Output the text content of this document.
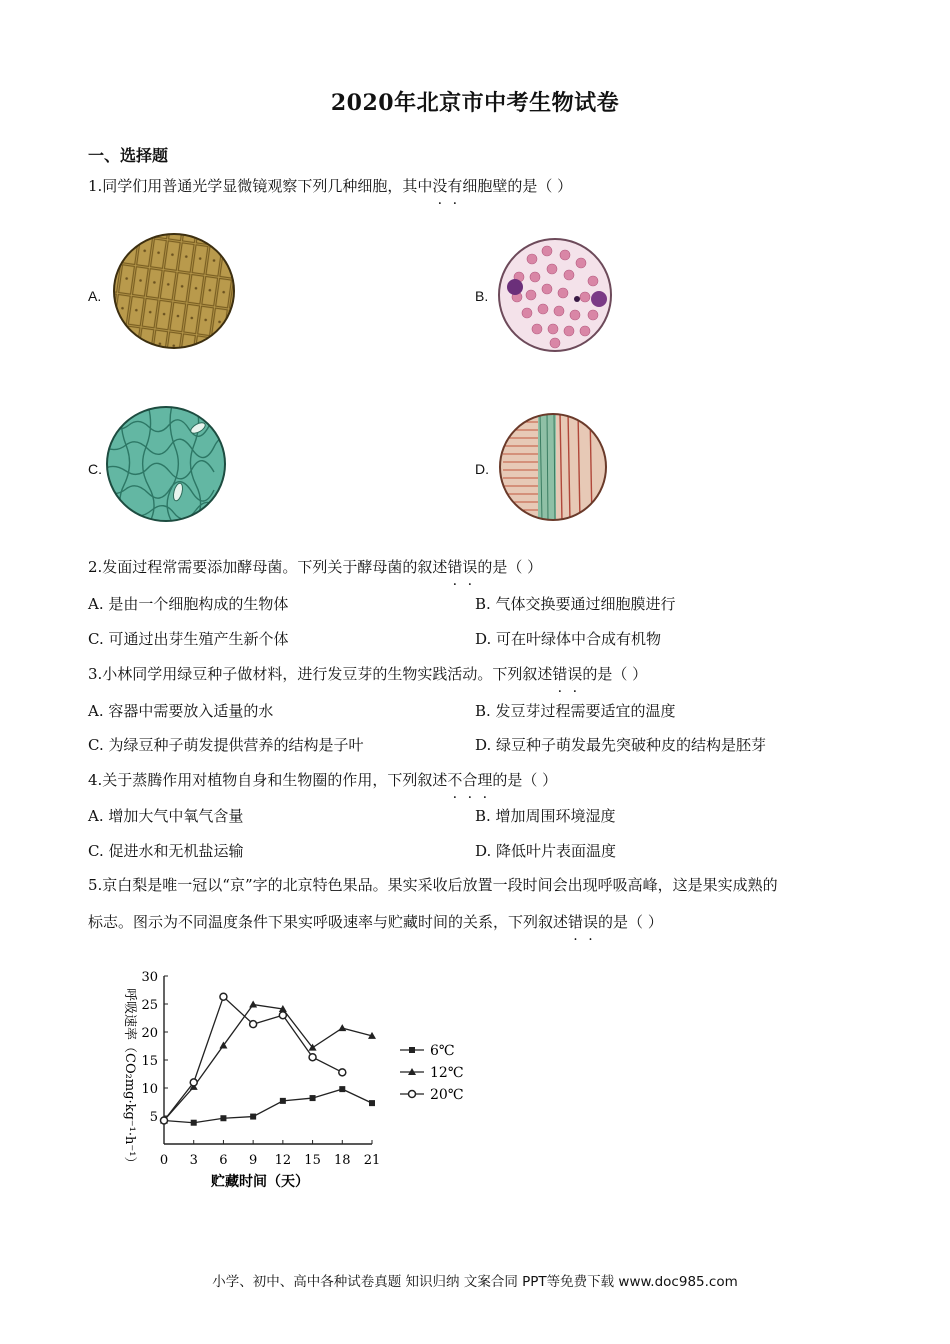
2020年北京市中考生物试卷
一、选择题
1.同学们用普通光学显微镜观察下列几种细胞，其中没有细胞壁的是（ ）
A.	B.
C.	D.
2.发面过程常需要添加酵母菌。下列关于酵母菌的叙述错误的是（ ）
A. 是由一个细胞构成的生物体	B. 气体交换要通过细胞膜进行
C. 可通过出芽生殖产生新个体	D. 可在叶绿体中合成有机物
3.小林同学用绿豆种子做材料，进行发豆芽的生物实践活动。下列叙述错误的是（ ）
A. 容器中需要放入适量的水	B. 发豆芽过程需要适宜的温度
C. 为绿豆种子萌发提供营养的结构是子叶	D. 绿豆种子萌发最先突破种皮的结构是胚芽
4.关于蒸腾作用对植物自身和生物圈的作用，下列叙述不合理的是（ ）
A. 增加大气中氧气含量	B. 增加周围环境湿度
C. 促进水和无机盐运输	D. 降低叶片表面温度
5.京白梨是唯一冠以“京”字的北京特色果品。果实采收后放置一段时间会出现呼吸高峰，这是果实成熟的
标志。图示为不同温度条件下果实呼吸速率与贮藏时间的关系，下列叙述错误的是（ ）
呼吸速率（CO₂mg·kg⁻¹·h⁻¹）
贮藏时间（天）
0 3 6 9 12 15 18 21
5
10
15
20
25
30
6℃
12℃
20℃
小学、初中、高中各种试卷真题 知识归纳 文案合同 PPT等免费下载 www.doc985.com
